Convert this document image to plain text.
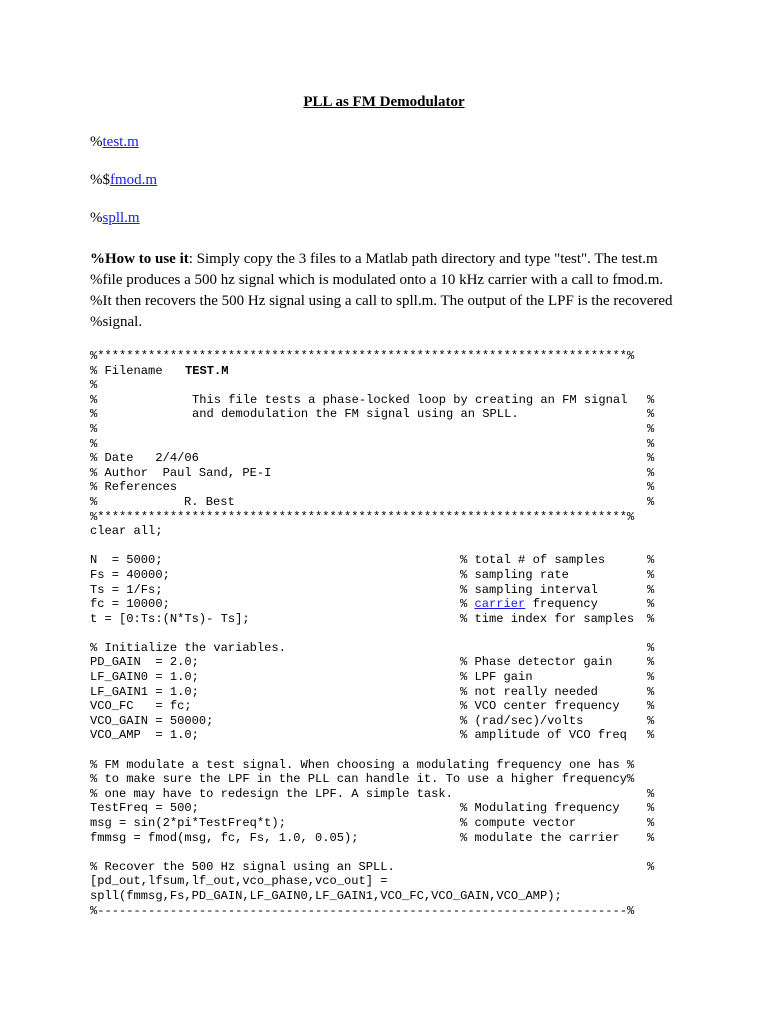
PLL as FM Demodulator
%test.m
%$fmod.m
%spll.m

%How to use it: Simply copy the 3 files to a Matlab path directory and type "test". The test.m

%file produces a 500 hz signal which is modulated onto a 10 kHz carrier with a call to fmod.m.

%It then recovers the 500 Hz signal using a call to spll.m. The output of the LPF is the recovered

%signal.

%*************************************************************************%

% Filename

TEST.M

%

%

	This file tests a phase-locked loop by creating an FM signal

%

%

	and demodulation the FM signal using an SPLL.

	%

%

	%

%

	%

% Date   2/4/06

	%

% Author  Paul Sand, PE-I

	%

% References

	%

%

	R. Best

	%

%*************************************************************************%
clear all;

N  = 5000;

	% total # of samples

	%

Fs = 40000;

	% sampling rate

	%

Ts = 1/Fs;

	% sampling interval

	%

fc = 10000;

	% carrier frequency

	%

t = [0:Ts:(N*Ts)- Ts];

	% time index for samples

%

% Initialize the variables.

	%

PD_GAIN  = 2.0;

	% Phase detector gain

	%

LF_GAIN0 = 1.0;

	% LPF gain

	%

LF_GAIN1 = 1.0;

	% not really needed

	%

VCO_FC   = fc;

	% VCO center frequency

%

VCO_GAIN = 50000;

	% (rad/sec)/volts

	%

VCO_AMP  = 1.0;

	% amplitude of VCO freq

%

% FM modulate a test signal. When choosing a modulating frequency one has %
% to make sure the LPF in the PLL can handle it. To use a higher frequency%

% one may have to redesign the LPF. A simple task.

	%

TestFreq = 500;

	% Modulating frequency

%

msg = sin(2*pi*TestFreq*t);

	% compute vector

	%

fmmsg = fmod(msg, fc, Fs, 1.0, 0.05);

	% modulate the carrier

%

% Recover the 500 Hz signal using an SPLL.

	%

[pd_out,lfsum,lf_out,vco_phase,vco_out] =
spll(fmmsg,Fs,PD_GAIN,LF_GAIN0,LF_GAIN1,VCO_FC,VCO_GAIN,VCO_AMP);
%-------------------------------------------------------------------------%
